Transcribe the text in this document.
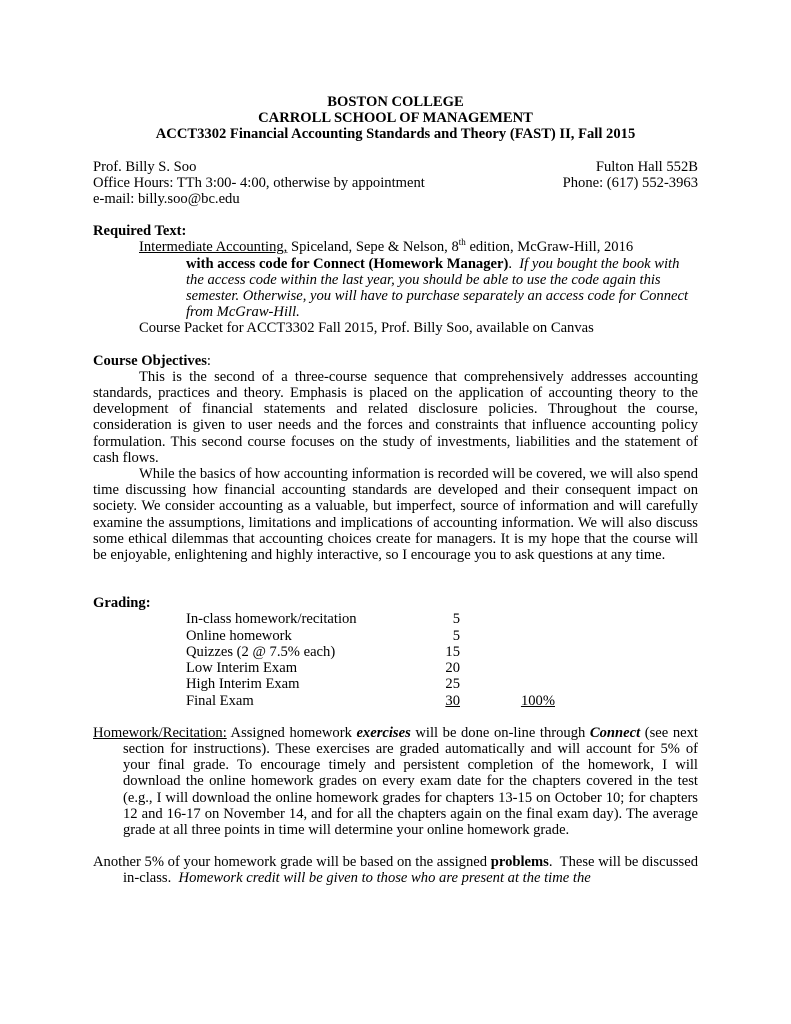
BOSTON COLLEGE
CARROLL SCHOOL OF MANAGEMENT
ACCT3302 Financial Accounting Standards and Theory (FAST) II, Fall 2015
Prof. Billy S. Soo	Fulton Hall 552B
Office Hours: TTh 3:00- 4:00, otherwise by appointment	Phone: (617) 552-3963
e-mail: billy.soo@bc.edu
Required Text:
Intermediate Accounting, Spiceland, Sepe & Nelson, 8th edition, McGraw-Hill, 2016
with access code for Connect (Homework Manager).  If you bought the book with the access code within the last year, you should be able to use the code again this semester. Otherwise, you will have to purchase separately an access code for Connect from McGraw-Hill.
Course Packet for ACCT3302 Fall 2015, Prof. Billy Soo, available on Canvas
Course Objectives:

This is the second of a three-course sequence that comprehensively addresses accounting standards, practices and theory. Emphasis is placed on the application of accounting theory to the development of financial statements and related disclosure policies. Throughout the course, consideration is given to user needs and the forces and constraints that influence accounting policy formulation. This second course focuses on the study of investments, liabilities and the statement of cash flows.

While the basics of how accounting information is recorded will be covered, we will also spend time discussing how financial accounting standards are developed and their consequent impact on society. We consider accounting as a valuable, but imperfect, source of information and will carefully examine the assumptions, limitations and implications of accounting information. We will also discuss some ethical dilemmas that accounting choices create for managers. It is my hope that the course will be enjoyable, enlightening and highly interactive, so I encourage you to ask questions at any time.

Grading:
In-class homework/recitation	5	
Online homework	5	
Quizzes (2 @ 7.5% each)	15	
Low Interim Exam	20	
High Interim Exam	25	
Final Exam	30	100%

Homework/Recitation: Assigned homework exercises will be done on-line through Connect (see next section for instructions). These exercises are graded automatically and will account for 5% of your final grade. To encourage timely and persistent completion of the homework, I will download the online homework grades on every exam date for the chapters covered in the test (e.g., I will download the online homework grades for chapters 13-15 on October 10; for chapters 12 and 16-17 on November 14, and for all the chapters again on the final exam day). The average grade at all three points in time will determine your online homework grade.

Another 5% of your homework grade will be based on the assigned problems.  These will be discussed in-class.  Homework credit will be given to those who are present at the time the
